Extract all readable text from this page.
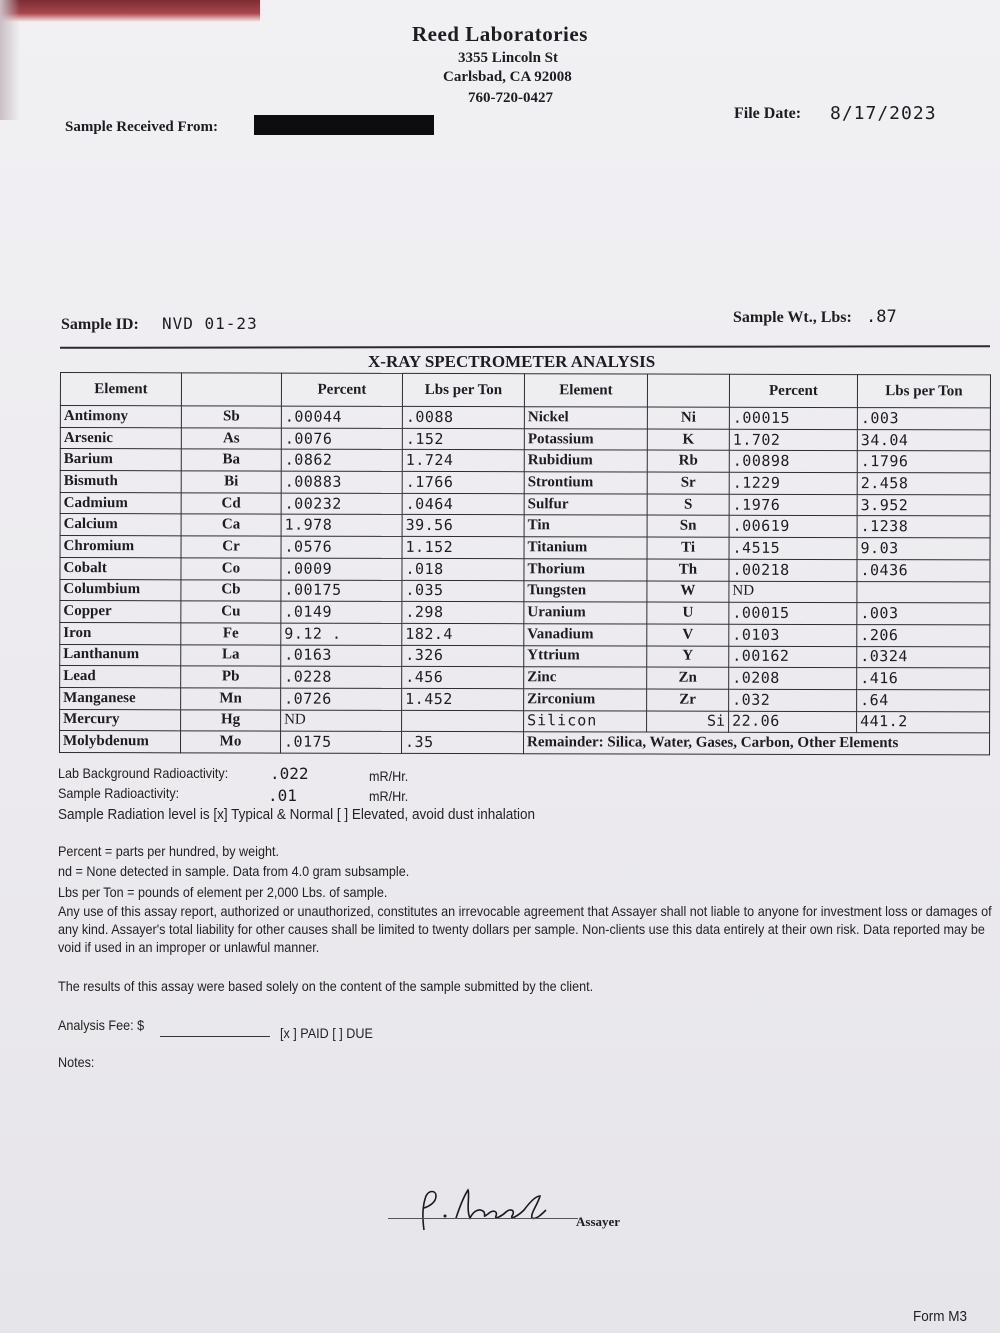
Reed Laboratories
3355 Lincoln St
Carlsbad, CA 92008
760-720-0427
Sample Received From:
File Date: 8/17/2023
Sample ID: NVD 01-23	Sample Wt., Lbs: .87
X-RAY SPECTROMETER ANALYSIS
Element		Percent	Lbs per Ton	Element		Percent	Lbs per Ton
Antimony	Sb	.00044	.0088	Nickel	Ni	.00015	.003
Arsenic	As	.0076	.152	Potassium	K	1.702	34.04
Barium	Ba	.0862	1.724	Rubidium	Rb	.00898	.1796
Bismuth	Bi	.00883	.1766	Strontium	Sr	.1229	2.458
Cadmium	Cd	.00232	.0464	Sulfur	S	.1976	3.952
Calcium	Ca	1.978	39.56	Tin	Sn	.00619	.1238
Chromium	Cr	.0576	1.152	Titanium	Ti	.4515	9.03
Cobalt	Co	.0009	.018	Thorium	Th	.00218	.0436
Columbium	Cb	.00175	.035	Tungsten	W	ND	
Copper	Cu	.0149	.298	Uranium	U	.00015	.003
Iron	Fe	9.12 .	182.4	Vanadium	V	.0103	.206
Lanthanum	La	.0163	.326	Yttrium	Y	.00162	.0324
Lead	Pb	.0228	.456	Zinc	Zn	.0208	.416
Manganese	Mn	.0726	1.452	Zirconium	Zr	.032	.64
Mercury	Hg	ND		Silicon	Si	22.06	441.2
Molybdenum	Mo	.0175	.35	Remainder: Silica, Water, Gases, Carbon, Other Elements			
Lab Background Radioactivity:	.022	mR/Hr.
Sample Radioactivity:	.01	mR/Hr.
Sample Radiation level is [x] Typical & Normal [ ] Elevated, avoid dust inhalation
Percent = parts per hundred, by weight.
nd = None detected in sample. Data from 4.0 gram subsample.
Lbs per Ton = pounds of element per 2,000 Lbs. of sample.
Any use of this assay report, authorized or unauthorized, constitutes an irrevocable agreement that Assayer shall not liable to anyone for investment loss or damages of any kind. Assayer's total liability for other causes shall be limited to twenty dollars per sample. Non-clients use this data entirely at their own risk. Data reported may be void if used in an improper or unlawful manner.
The results of this assay were based solely on the content of the sample submitted by the client.
Analysis Fee: $	[x ] PAID [ ] DUE
Notes:
Assayer
Form M3
